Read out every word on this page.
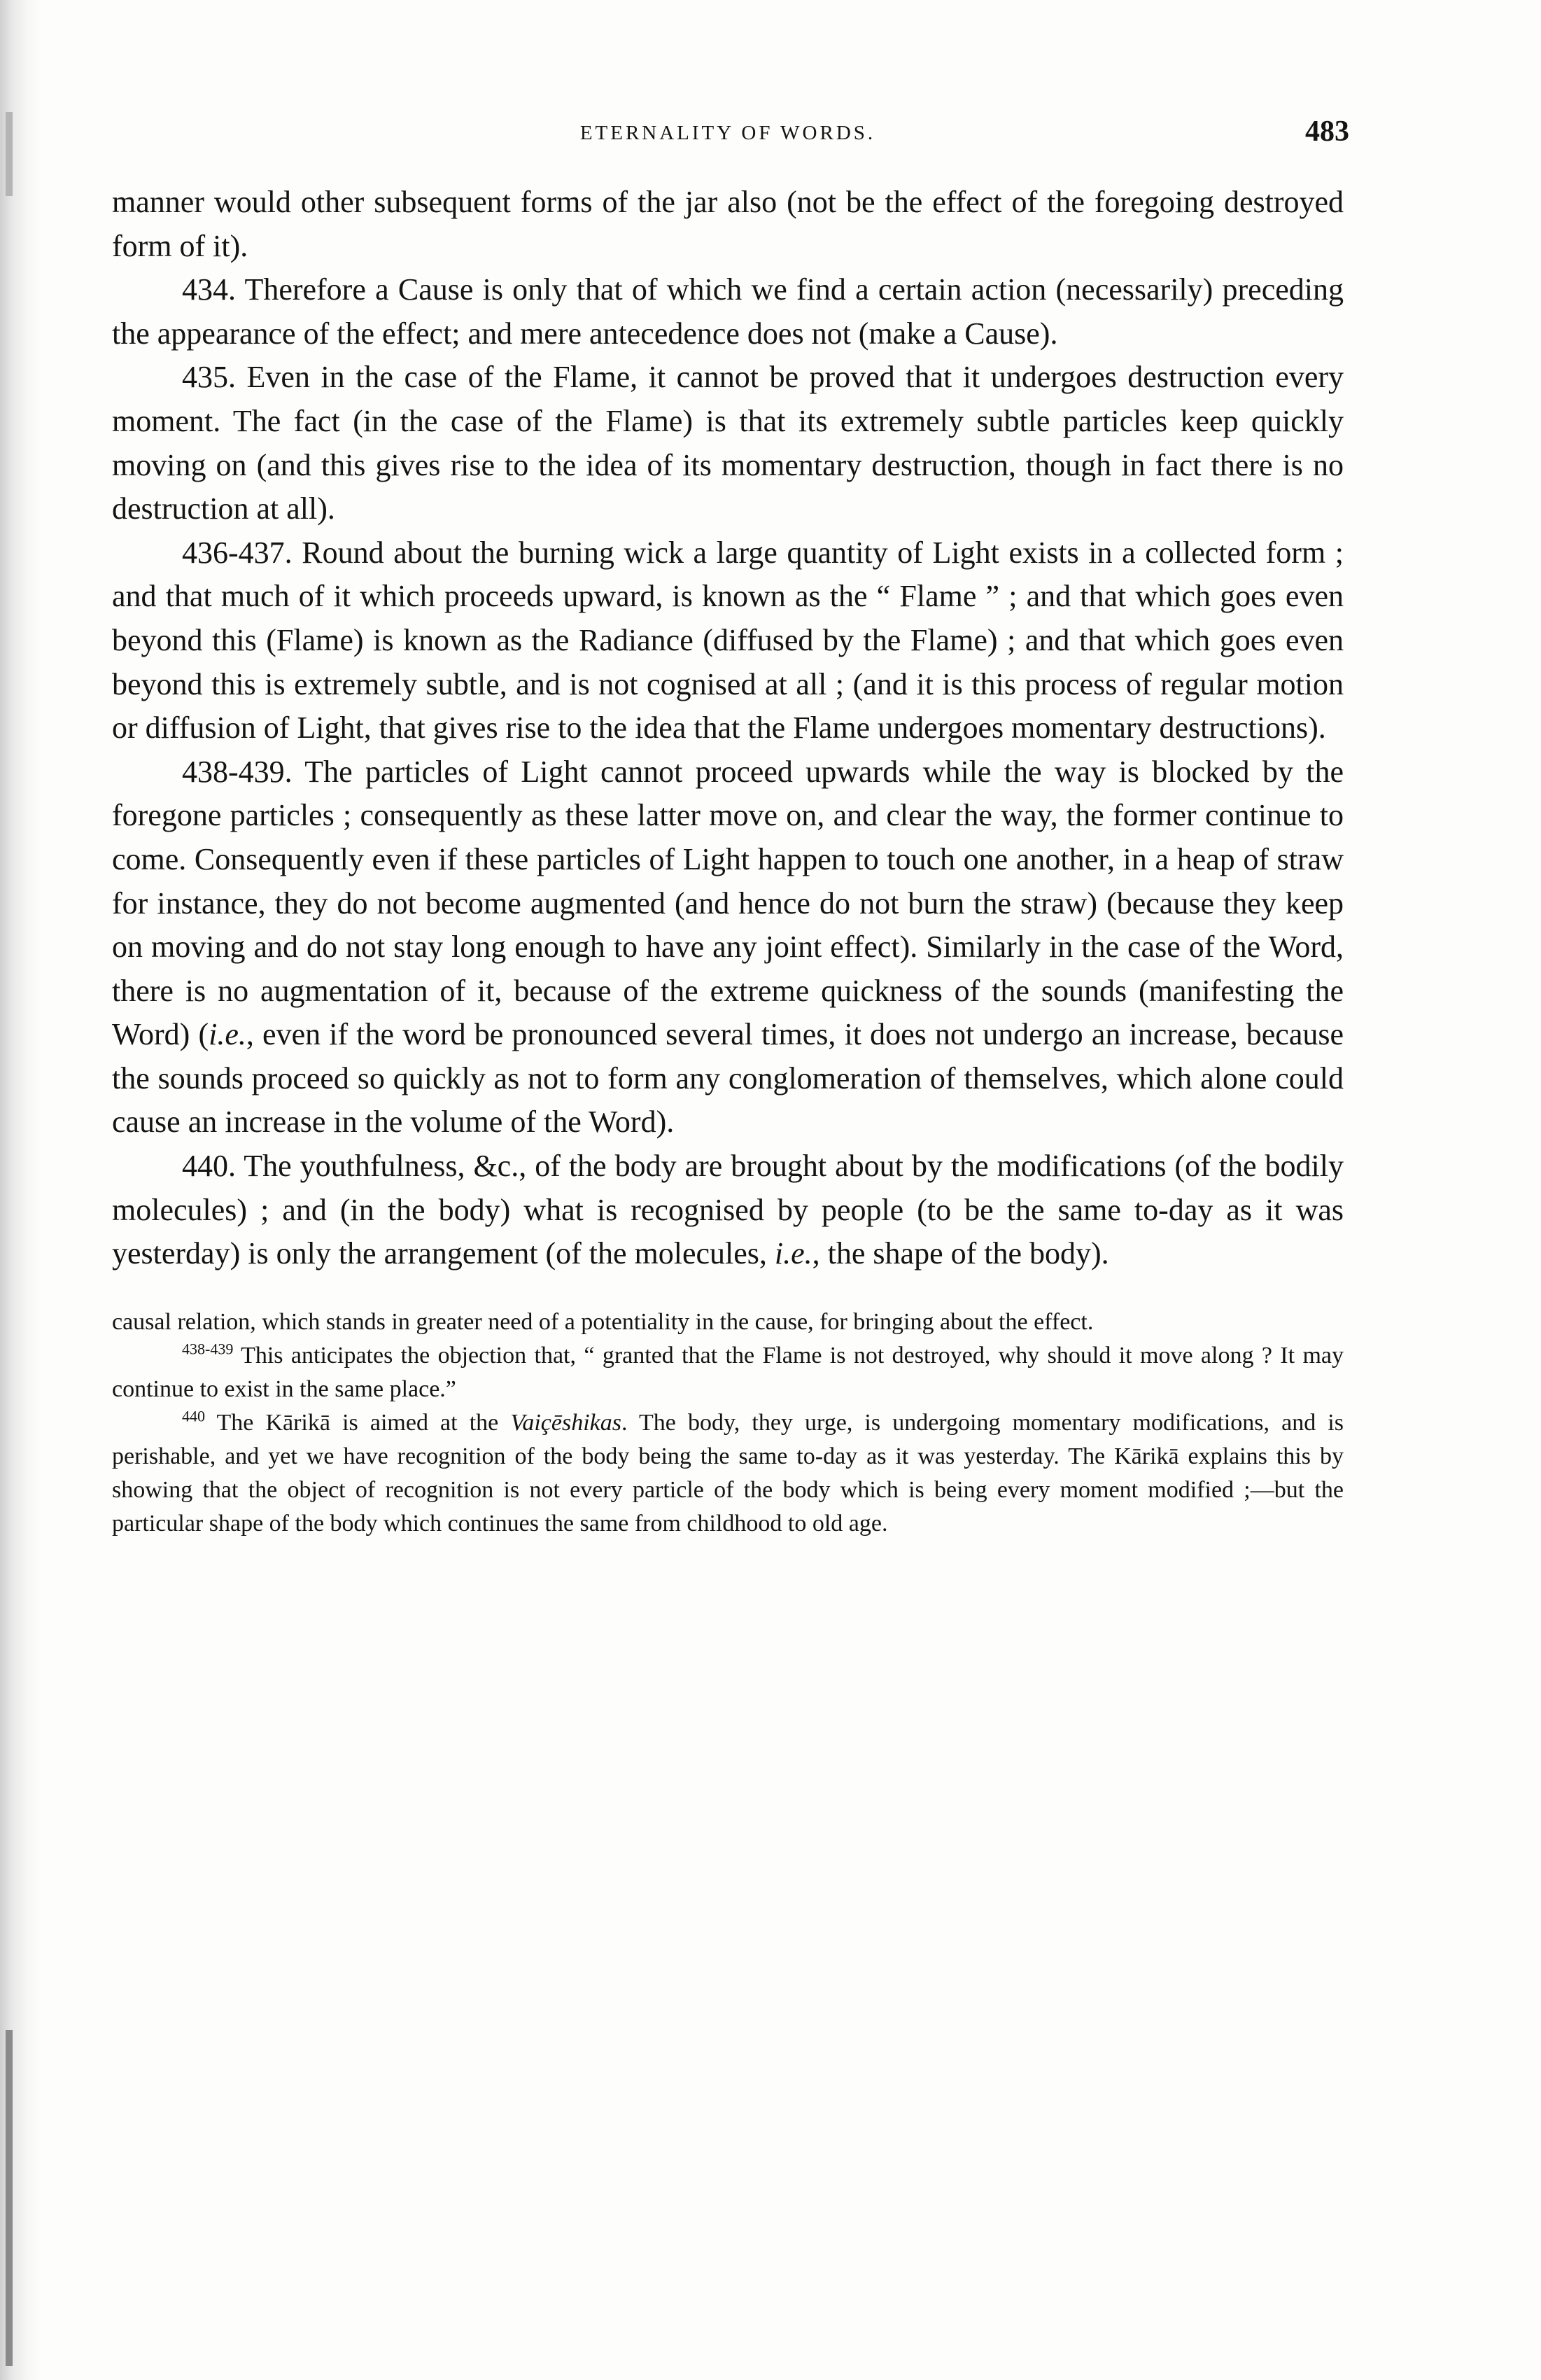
ETERNALITY OF WORDS.	483

manner would other subsequent forms of the jar also (not be the effect of the foregoing destroyed form of it).

434. Therefore a Cause is only that of which we find a certain action (necessarily) preceding the appearance of the effect; and mere antecedence does not (make a Cause).

435. Even in the case of the Flame, it cannot be proved that it undergoes destruction every moment. The fact (in the case of the Flame) is that its extremely subtle particles keep quickly moving on (and this gives rise to the idea of its momentary destruction, though in fact there is no destruction at all).

436-437. Round about the burning wick a large quantity of Light exists in a collected form ; and that much of it which proceeds upward, is known as the “ Flame ” ; and that which goes even beyond this (Flame) is known as the Radiance (diffused by the Flame) ; and that which goes even beyond this is extremely subtle, and is not cognised at all ; (and it is this process of regular motion or diffusion of Light, that gives rise to the idea that the Flame undergoes momentary destructions).

438-439. The particles of Light cannot proceed upwards while the way is blocked by the foregone particles ; consequently as these latter move on, and clear the way, the former continue to come. Consequently even if these particles of Light happen to touch one another, in a heap of straw for instance, they do not become augmented (and hence do not burn the straw) (because they keep on moving and do not stay long enough to have any joint effect). Similarly in the case of the Word, there is no augmentation of it, because of the extreme quickness of the sounds (manifesting the Word) (i.e., even if the word be pronounced several times, it does not undergo an increase, because the sounds proceed so quickly as not to form any conglomeration of themselves, which alone could cause an increase in the volume of the Word).

440. The youthfulness, &c., of the body are brought about by the modifications (of the bodily molecules) ; and (in the body) what is recognised by people (to be the same to-day as it was yesterday) is only the arrangement (of the molecules, i.e., the shape of the body).

causal relation, which stands in greater need of a potentiality in the cause, for bringing about the effect.

$^{438-439}$ This anticipates the objection that, “ granted that the Flame is not destroyed, why should it move along ? It may continue to exist in the same place.”

$^{440}$ The Kārikā is aimed at the Vaiçēshikas. The body, they urge, is undergoing momentary modifications, and is perishable, and yet we have recognition of the body being the same to-day as it was yesterday. The Kārikā explains this by showing that the object of recognition is not every particle of the body which is being every moment modified ;—but the particular shape of the body which continues the same from childhood to old age.
